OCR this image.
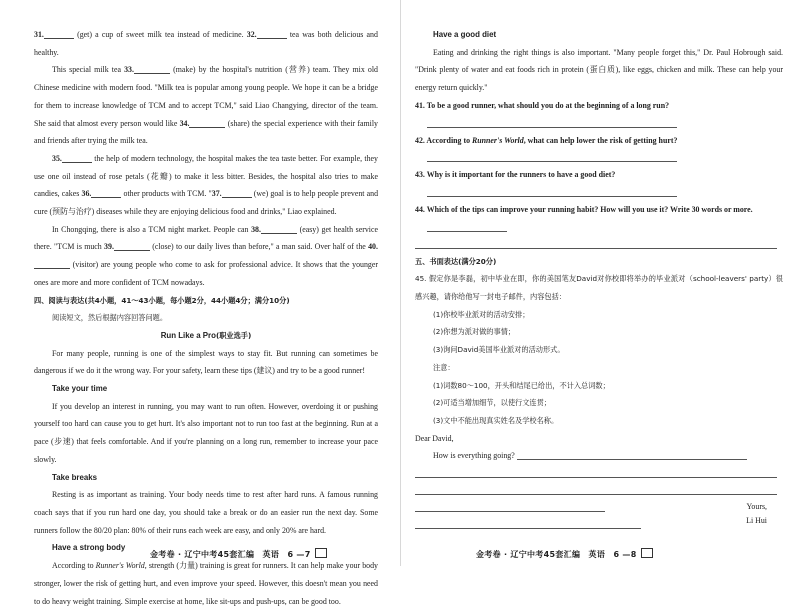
31.	(get) a cup of sweet milk tea instead of medicine. 32.	tea was both delicious and healthy.

This special milk tea 33.	(make) by the hospital's nutrition (营养) team. They mix old Chinese medicine with modern food. "Milk tea is popular among young people. We hope it can be a bridge for them to increase knowledge of TCM and to accept TCM," said Liao Changying, director of the team. She said that almost every person would like 34.	(share) the special experience with their family and friends after trying the milk tea.

35.	the help of modern technology, the hospital makes the tea taste better. For example, they use one oil instead of rose petals (花瓣) to make it less bitter. Besides, the hospital also tries to make candies, cakes 36.	other products with TCM. "37.	(we) goal is to help people prevent and cure (预防与治疗) diseases while they are enjoying delicious food and drinks," Liao explained.

In Chongqing, there is also a TCM night market. People can 38.	(easy) get health service there. "TCM is much 39.	(close) to our daily lives than before," a man said. Over half of the 40. (visitor) are young people who come to ask for professional advice. It shows that the younger ones are more and more confident of TCM nowadays.

四、阅读与表达(共4小题，41～43小题，每小题2分，44小题4分；满分10分)

阅读短文，然后根据内容回答问题。

Run Like a Pro(职业选手)

For many people, running is one of the simplest ways to stay fit. But running can sometimes be dangerous if we do it the wrong way. For your safety, learn these tips (建议) and try to be a good runner!

Take your time

If you develop an interest in running, you may want to run often. However, overdoing it or pushing yourself too hard can cause you to get hurt. It's also important not to run too fast at the beginning. Run at a pace (步速) that feels comfortable. And if you're planning on a long run, remember to increase your pace slowly.

Take breaks

Resting is as important as training. Your body needs time to rest after hard runs. A famous running coach says that if you run hard one day, you should take a break or do an easier run the next day. Some runners follow the 80/20 plan: 80% of their runs each week are easy, and only 20% are hard.

Have a strong body

According to Runner's World, strength (力量) training is great for runners. It can help make your body stronger, lower the risk of getting hurt, and even improve your speed. However, this doesn't mean you need to do heavy weight training. Simple exercise at home, like sit-ups and push-ups, can be good too.

金考卷 · 辽宁中考45套汇编　英语　6 —7

Have a good diet

Eating and drinking the right things is also important. "Many people forget this," Dr. Paul Hobrough said. "Drink plenty of water and eat foods rich in protein (蛋白质), like eggs, chicken and milk. These can help your energy return quickly."

41. To be a good runner, what should you do at the beginning of a long run?

42. According to Runner's World, what can help lower the risk of getting hurt?

43. Why is it important for the runners to have a good diet?

44. Which of the tips can improve your running habit? How will you use it? Write 30 words or more.

五、书面表达(满分20分)

45. 假定你是李磊，初中毕业在即，你的美国笔友David对你校即将举办的毕业派对（school-leavers' party）很感兴趣，请你给他写一封电子邮件，内容包括：

(1)你校毕业派对的活动安排；

(2)你想为派对做的事情；

(3)询问David美国毕业派对的活动形式。

注意：

(1)词数80～100，开头和结尾已给出，不计入总词数；

(2)可适当增加细节，以使行文连贯；

(3)文中不能出现真实姓名及学校名称。

Dear David,

How is everything going?

Yours,
Li Hui
金考卷 · 辽宁中考45套汇编　英语　6 —8
